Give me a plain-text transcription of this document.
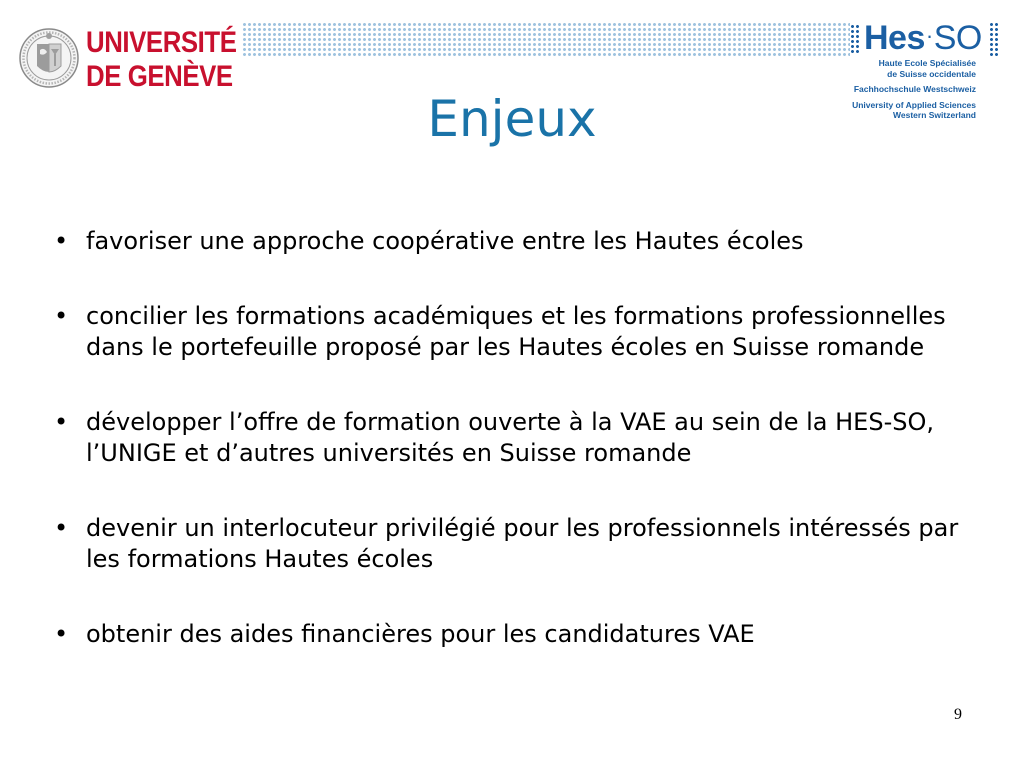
UNIVERSITÉ
DE GENÈVE
Hes·SO
Haute Ecole Spécialisée
de Suisse occidentale
Fachhochschule Westschweiz
University of Applied Sciences
Western Switzerland
Enjeux
• favoriser une approche coopérative entre les Hautes écoles
• concilier les formations académiques et les formations professionnelles dans le portefeuille proposé par les Hautes écoles en Suisse romande
• développer l’offre de formation ouverte à la VAE au sein de la HES-SO, l’UNIGE et d’autres universités en Suisse romande
• devenir un interlocuteur privilégié pour les professionnels intéressés par les formations Hautes écoles
• obtenir des aides financières pour les candidatures VAE
9
